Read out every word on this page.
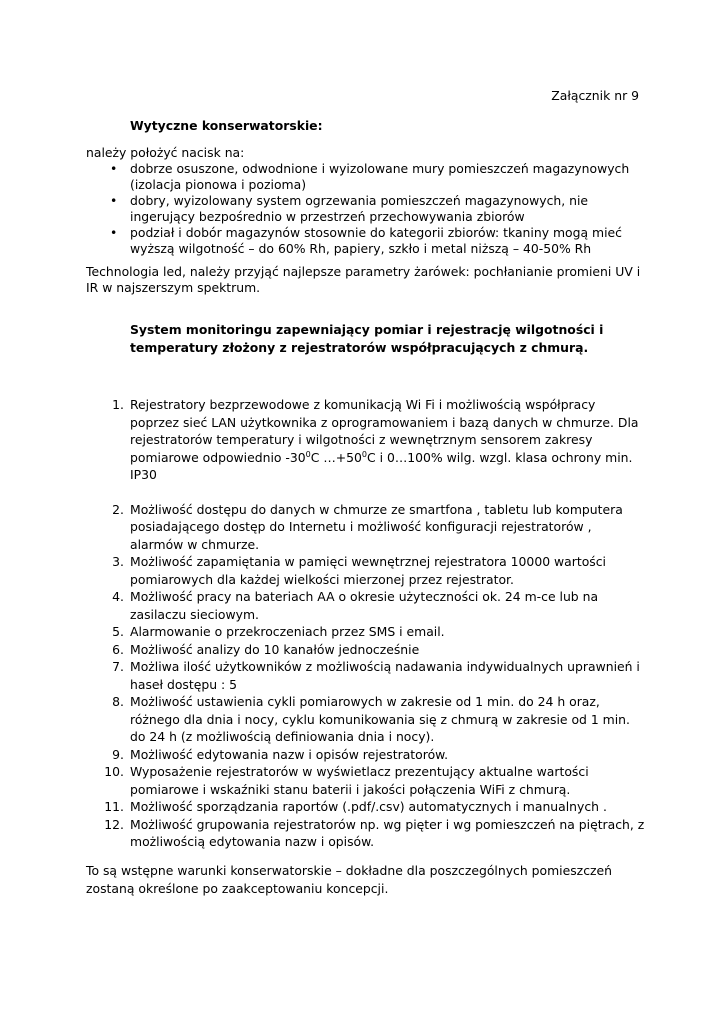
Załącznik nr 9
Wytyczne konserwatorskie:
należy położyć nacisk na:
• dobrze osuszone, odwodnione i wyizolowane mury pomieszczeń magazynowych (izolacja pionowa i pozioma)
• dobry, wyizolowany system ogrzewania pomieszczeń magazynowych, nie ingerujący bezpośrednio w przestrzeń przechowywania zbiorów
• podział i dobór magazynów stosownie do kategorii zbiorów: tkaniny mogą mieć wyższą wilgotność – do 60% Rh, papiery, szkło i metal niższą – 40-50% Rh

Technologia led, należy przyjąć najlepsze parametry żarówek: pochłanianie promieni UV i IR w najszerszym spektrum.

System monitoringu zapewniający pomiar i rejestrację wilgotności i temperatury złożony z rejestratorów współpracujących z chmurą.

1. Rejestratory bezprzewodowe z komunikacją Wi Fi i możliwością współpracy poprzez sieć LAN użytkownika z oprogramowaniem i bazą danych w chmurze. Dla rejestratorów temperatury i wilgotności z wewnętrznym sensorem zakresy pomiarowe odpowiednio $-30^0C$ $\dots+50^0C$ i 0…100% wilg. wzgl. klasa ochrony min. IP30
2. Możliwość dostępu do danych w chmurze ze smartfona , tabletu lub komputera posiadającego dostęp do Internetu i możliwość konfiguracji rejestratorów , alarmów w chmurze.
3. Możliwość zapamiętania w pamięci wewnętrznej rejestratora 10000 wartości pomiarowych dla każdej wielkości mierzonej przez rejestrator.
4. Możliwość pracy na bateriach AA o okresie użyteczności ok. 24 m-ce lub na zasilaczu sieciowym.
5. Alarmowanie o przekroczeniach przez SMS i email.
6. Możliwość analizy do 10 kanałów jednocześnie
7. Możliwa ilość użytkowników z możliwością nadawania indywidualnych uprawnień i haseł dostępu : 5
8. Możliwość ustawienia cykli pomiarowych w zakresie od 1 min. do 24 h oraz, różnego dla dnia i nocy, cyklu komunikowania się z chmurą w zakresie od 1 min. do 24 h (z możliwością definiowania dnia i nocy).
9. Możliwość edytowania nazw i opisów rejestratorów.
10. Wyposażenie rejestratorów w wyświetlacz prezentujący aktualne wartości pomiarowe i wskaźniki stanu baterii i jakości połączenia WiFi z chmurą.
11. Możliwość sporządzania raportów (.pdf/.csv) automatycznych i manualnych .
12. Możliwość grupowania rejestratorów np. wg pięter i wg pomieszczeń na piętrach, z możliwością edytowania nazw i opisów.

To są wstępne warunki konserwatorskie – dokładne dla poszczególnych pomieszczeń zostaną określone po zaakceptowaniu koncepcji.
